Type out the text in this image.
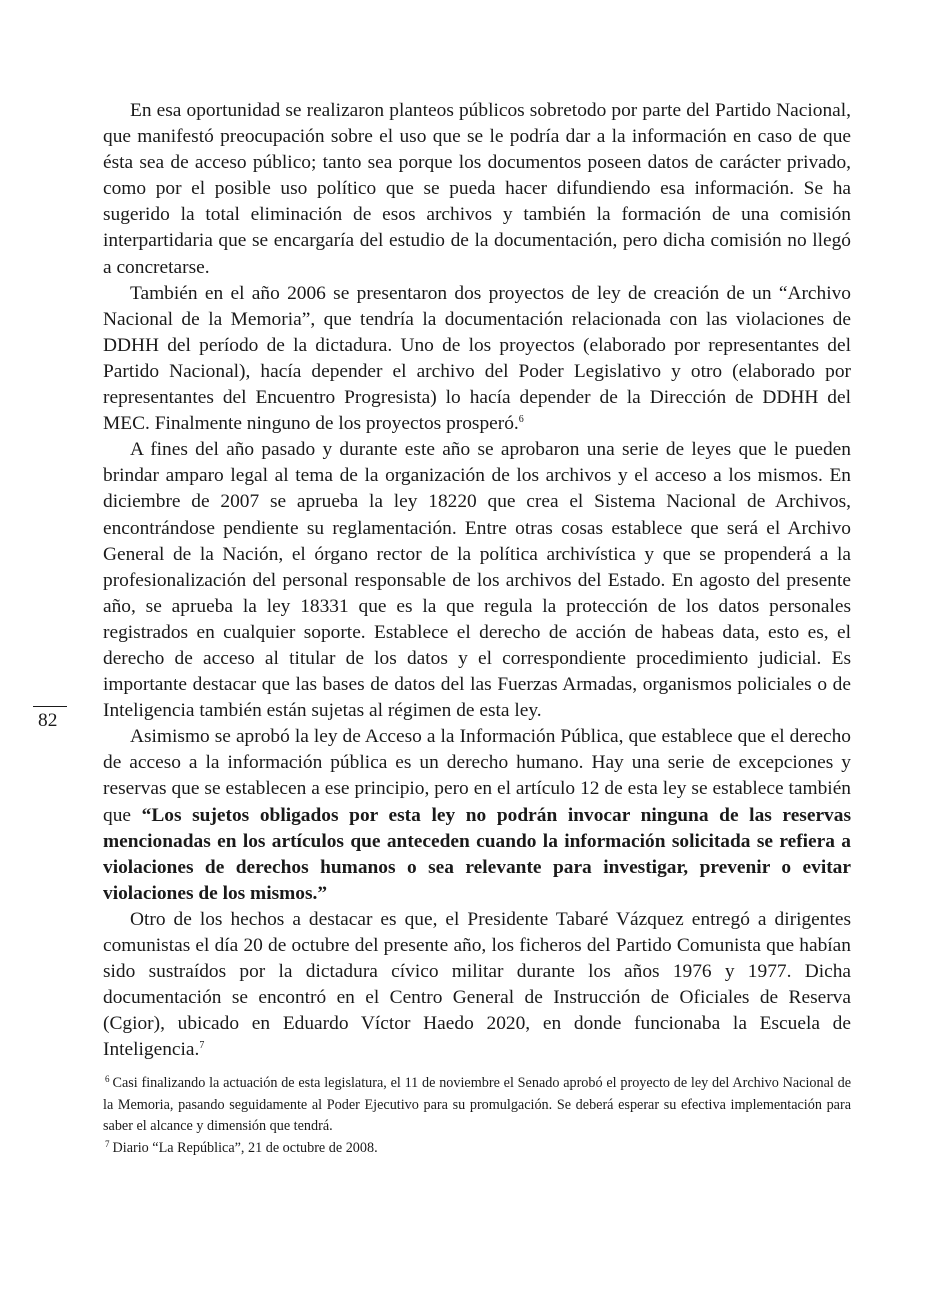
En esa oportunidad se realizaron planteos públicos sobretodo por parte del Partido Nacional, que manifestó preocupación sobre el uso que se le podría dar a la información en caso de que ésta sea de acceso público; tanto sea porque los documentos poseen datos de carácter privado, como por el posible uso político que se pueda hacer difundiendo esa información. Se ha sugerido la total eliminación de esos archivos y también la formación de una comisión interpartidaria que se encargaría del estudio de la documentación, pero dicha comisión no llegó a concretarse.

También en el año 2006 se presentaron dos proyectos de ley de creación de un “Archivo Nacional de la Memoria”, que tendría la documentación relacionada con las violaciones de DDHH del período de la dictadura. Uno de los proyectos (elaborado por representantes del Partido Nacional), hacía depender el archivo del Poder Legislativo y otro (elaborado por representantes del Encuentro Progresista) lo hacía depender de la Dirección de DDHH del MEC. Finalmente ninguno de los proyectos prosperó.$^6$

A fines del año pasado y durante este año se aprobaron una serie de leyes que le pueden brindar amparo legal al tema de la organización de los archivos y el acceso a los mismos. En diciembre de 2007 se aprueba la ley 18220 que crea el Sistema Nacional de Archivos, encontrándose pendiente su reglamentación. Entre otras cosas establece que será el Archivo General de la Nación, el órgano rector de la política archivística y que se propenderá a la profesionalización del personal responsable de los archivos del Estado. En agosto del presente año, se aprueba la ley 18331 que es la que regula la protección de los datos personales registrados en cualquier soporte. Establece el derecho de acción de habeas data, esto es, el derecho de acceso al titular de los datos y el correspondiente procedimiento judicial. Es importante destacar que las bases de datos del las Fuerzas Armadas, organismos policiales o de Inteligencia también están sujetas al régimen de esta ley.

Asimismo se aprobó la ley de Acceso a la Información Pública, que establece que el derecho de acceso a la información pública es un derecho humano. Hay una serie de excepciones y reservas que se establecen a ese principio, pero en el artículo 12 de esta ley se establece también que “Los sujetos obligados por esta ley no podrán invocar ninguna de las reservas mencionadas en los artículos que anteceden cuando la información solicitada se refiera a violaciones de derechos humanos o sea relevante para investigar, prevenir o evitar violaciones de los mismos.”

Otro de los hechos a destacar es que, el Presidente Tabaré Vázquez entregó a dirigentes comunistas el día 20 de octubre del presente año, los ficheros del Partido Comunista que habían sido sustraídos por la dictadura cívico militar durante los años 1976 y 1977. Dicha documentación se encontró en el Centro General de Instrucción de Oficiales de Reserva (Cgior), ubicado en Eduardo Víctor Haedo 2020, en donde funcionaba la Escuela de Inteligencia.$^7$

82

$^6$ Casi finalizando la actuación de esta legislatura, el 11 de noviembre el Senado aprobó el proyecto de ley del Archivo Nacional de la Memoria, pasando seguidamente al Poder Ejecutivo para su promulgación. Se deberá esperar su efectiva implementación para saber el alcance y dimensión que tendrá.

$^7$ Diario “La República”, 21 de octubre de 2008.
